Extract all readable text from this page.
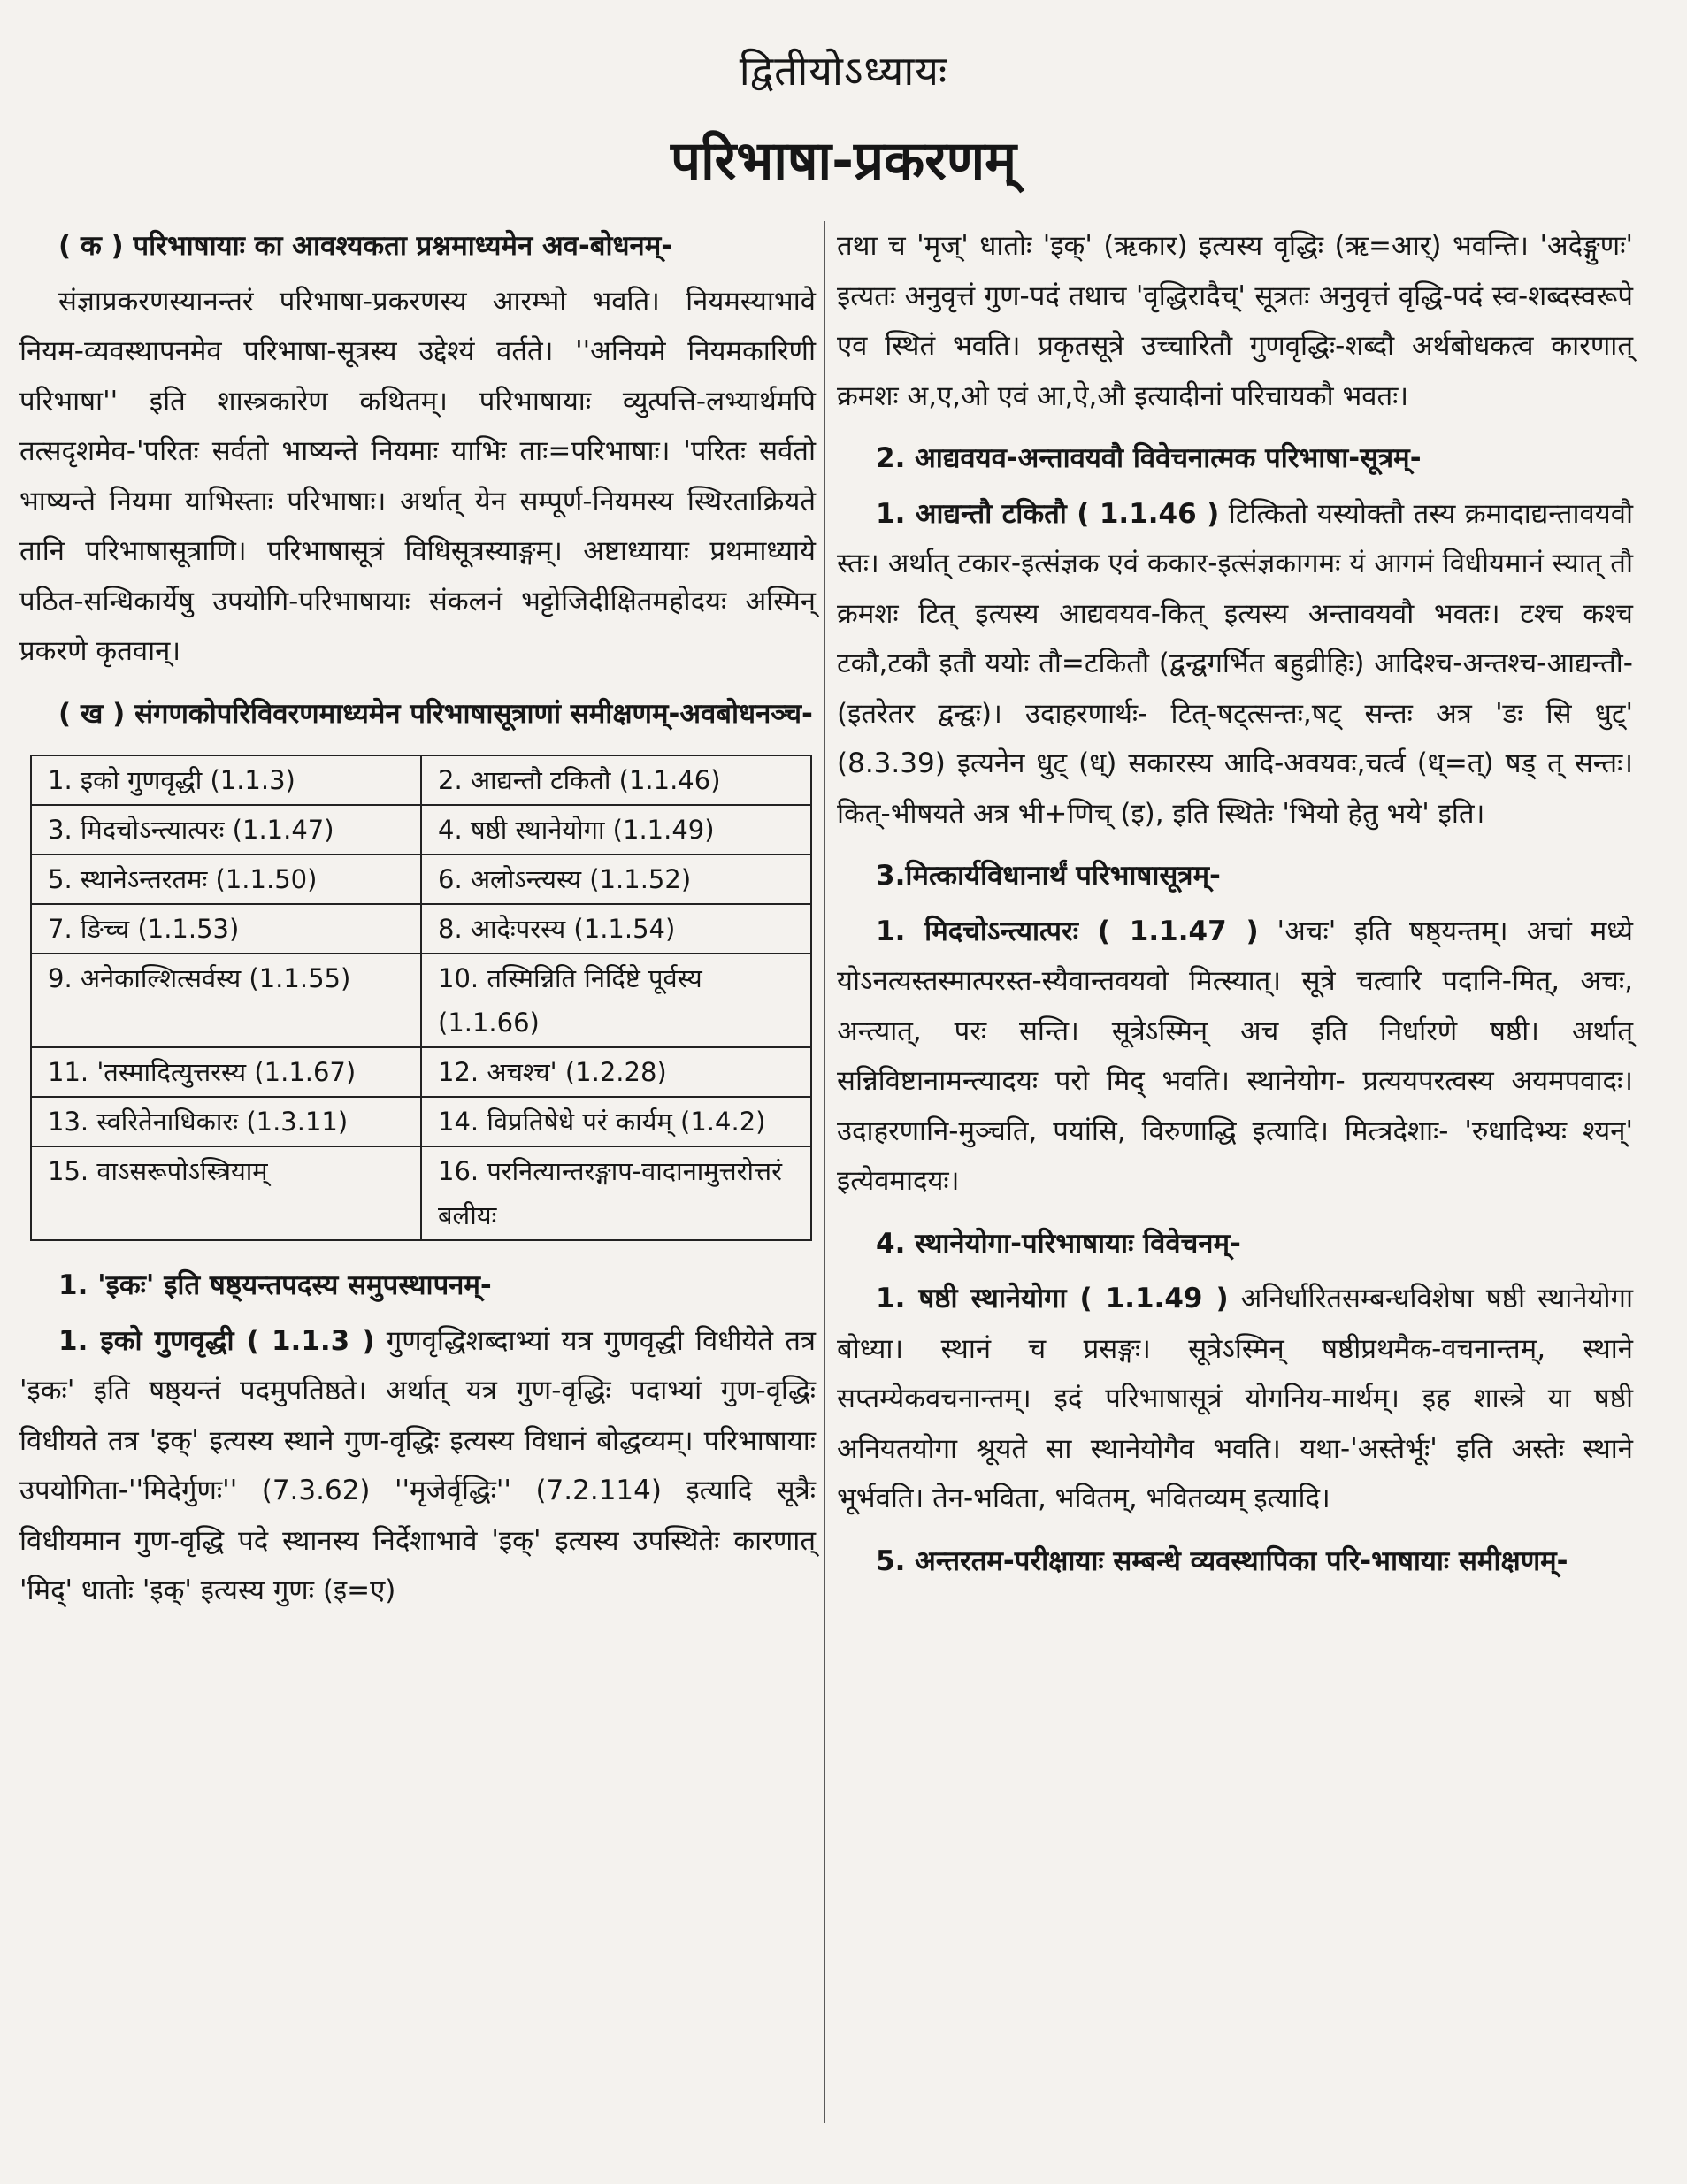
द्वितीयोऽध्यायः
परिभाषा-प्रकरणम्
( क ) परिभाषायाः का आवश्यकता प्रश्नमाध्यमेन अव-बोधनम्-

संज्ञाप्रकरणस्यानन्तरं परिभाषा-प्रकरणस्य आरम्भो भवति। नियमस्याभावे नियम-व्यवस्थापनमेव परिभाषा-सूत्रस्य उद्देश्यं वर्तते। ''अनियमे नियमकारिणी परिभाषा'' इति शास्त्रकारेण कथितम्। परिभाषायाः व्युत्पत्ति-लभ्यार्थमपि तत्सदृशमेव-'परितः सर्वतो भाष्यन्ते नियमाः याभिः ताः=परिभाषाः। 'परितः सर्वतो भाष्यन्ते नियमा याभिस्ताः परिभाषाः। अर्थात् येन सम्पूर्ण-नियमस्य स्थिरताक्रियते तानि परिभाषासूत्राणि। परिभाषासूत्रं विधिसूत्रस्याङ्गम्। अष्टाध्यायाः प्रथमाध्याये पठित-सन्धिकार्येषु उपयोगि-परिभाषायाः संकलनं भट्टोजिदीक्षितमहोदयः अस्मिन् प्रकरणे कृतवान्।

( ख ) संगणकोपरिविवरणमाध्यमेन परिभाषासूत्राणां समीक्षणम्-अवबोधनञ्च-
1. इको गुणवृद्धी (1.1.3)	2. आद्यन्तौ टकितौ (1.1.46)
3. मिदचोऽन्त्यात्परः (1.1.47)	4. षष्ठी स्थानेयोगा (1.1.49)
5. स्थानेऽन्तरतमः (1.1.50)	6. अलोऽन्त्यस्य (1.1.52)
7. ङिच्च (1.1.53)	8. आदेःपरस्य (1.1.54)
9. अनेकाल्शित्सर्वस्य (1.1.55)	10. तस्मिन्निति निर्दिष्टे पूर्वस्य (1.1.66)
11. 'तस्मादित्युत्तरस्य (1.1.67)	12. अचश्च' (1.2.28)
13. स्वरितेनाधिकारः (1.3.11)	14. विप्रतिषेधे परं कार्यम् (1.4.2)
15. वाऽसरूपोऽस्त्रियाम्	16. परनित्यान्तरङ्गाप-वादानामुत्तरोत्तरं बलीयः
1. 'इकः' इति षष्ठ्यन्तपदस्य समुपस्थापनम्-

1. इको गुणवृद्धी ( 1.1.3 ) गुणवृद्धिशब्दाभ्यां यत्र गुणवृद्धी विधीयेते तत्र 'इकः' इति षष्ठ्यन्तं पदमुपतिष्ठते। अर्थात् यत्र गुण-वृद्धिः पदाभ्यां गुण-वृद्धिः विधीयते तत्र 'इक्' इत्यस्य स्थाने गुण-वृद्धिः इत्यस्य विधानं बोद्धव्यम्। परिभाषायाः उपयोगिता-''मिदेर्गुणः'' (7.3.62) ''मृजेर्वृद्धिः'' (7.2.114) इत्यादि सूत्रैः विधीयमान गुण-वृद्धि पदे स्थानस्य निर्देशाभावे 'इक्' इत्यस्य उपस्थितेः कारणात् 'मिद्' धातोः 'इक्' इत्यस्य गुणः (इ=ए)

तथा च 'मृज्' धातोः 'इक्' (ऋकार) इत्यस्य वृद्धिः (ऋ=आर्) भवन्ति। 'अदेङ्गुणः' इत्यतः अनुवृत्तं गुण-पदं तथाच 'वृद्धिरादैच्' सूत्रतः अनुवृत्तं वृद्धि-पदं स्व-शब्दस्वरूपे एव स्थितं भवति। प्रकृतसूत्रे उच्चारितौ गुणवृद्धिः-शब्दौ अर्थबोधकत्व कारणात् क्रमशः अ,ए,ओ एवं आ,ऐ,औ इत्यादीनां परिचायकौ भवतः।

2. आद्यवयव-अन्तावयवौ विवेचनात्मक परिभाषा-सूत्रम्-

1. आद्यन्तौ टकितौ ( 1.1.46 ) टित्कितो यस्योक्तौ तस्य क्रमादाद्यन्तावयवौ स्तः। अर्थात् टकार-इत्संज्ञक एवं ककार-इत्संज्ञकागमः यं आगमं विधीयमानं स्यात् तौ क्रमशः टित् इत्यस्य आद्यवयव-कित् इत्यस्य अन्तावयवौ भवतः। टश्च कश्च टकौ,टकौ इतौ ययोः तौ=टकितौ (द्वन्द्वगर्भित बहुव्रीहिः) आदिश्च-अन्तश्च-आद्यन्तौ-(इतरेतर द्वन्द्वः)। उदाहरणार्थः- टित्-षट्त्सन्तः,षट् सन्तः अत्र 'डः सि धुट्' (8.3.39) इत्यनेन धुट् (ध्) सकारस्य आदि-अवयवः,चर्त्व (ध्=त्) षड् त् सन्तः। कित्-भीषयते अत्र भी+णिच् (इ), इति स्थितेः 'भियो हेतु भये' इति।

3.मित्कार्यविधानार्थं परिभाषासूत्रम्-

1. मिदचोऽन्त्यात्परः ( 1.1.47 ) 'अचः' इति षष्ठ्यन्तम्। अचां मध्ये योऽनत्यस्तस्मात्परस्त-स्यैवान्तवयवो मित्स्यात्। सूत्रे चत्वारि पदानि-मित्, अचः, अन्त्यात्, परः सन्ति। सूत्रेऽस्मिन् अच इति निर्धारणे षष्ठी। अर्थात् सन्निविष्टानामन्त्यादयः परो मिद् भवति। स्थानेयोग- प्रत्ययपरत्वस्य अयमपवादः। उदाहरणानि-मुञ्चति, पयांसि, विरुणाद्धि इत्यादि। मित्त्रदेशाः- 'रुधादिभ्यः श्यन्' इत्येवमादयः।

4. स्थानेयोगा-परिभाषायाः विवेचनम्-

1. षष्ठी स्थानेयोगा ( 1.1.49 ) अनिर्धारितसम्बन्धविशेषा षष्ठी स्थानेयोगा बोध्या। स्थानं च प्रसङ्गः। सूत्रेऽस्मिन् षष्ठीप्रथमैक-वचनान्तम्, स्थाने सप्तम्येकवचनान्तम्। इदं परिभाषासूत्रं योगनिय-मार्थम्। इह शास्त्रे या षष्ठी अनियतयोगा श्रूयते सा स्थानेयोगैव भवति। यथा-'अस्तेर्भूः' इति अस्तेः स्थाने भूर्भवति। तेन-भविता, भवितम्, भवितव्यम् इत्यादि।

5. अन्तरतम-परीक्षायाः सम्बन्धे व्यवस्थापिका परि-भाषायाः समीक्षणम्-
